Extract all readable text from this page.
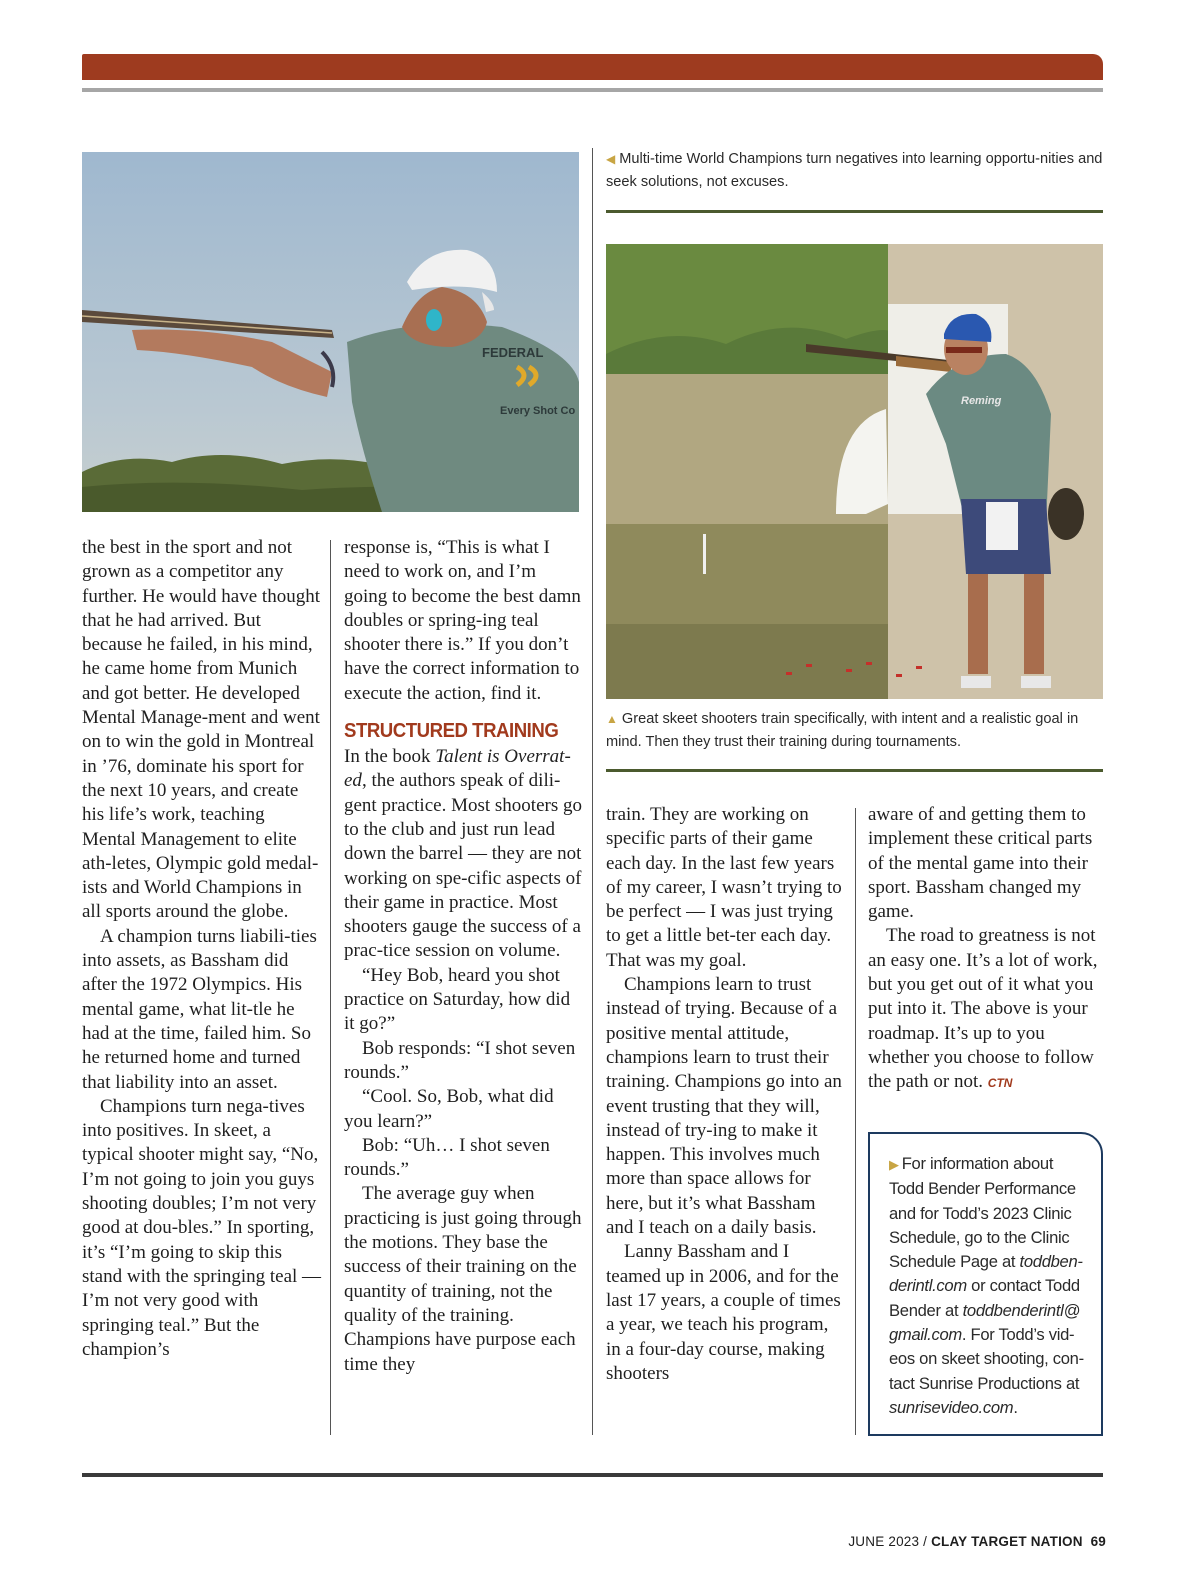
FEDERAL
Every Shot Co
◀ Multi-time World Champions turn negatives into learning opportu-nities and seek solutions, not excuses.
Reming
▲ Great skeet shooters train specifically, with intent and a realistic goal in mind. Then they trust their training during tournaments.

the best in the sport and not grown as a competitor any further. He would have thought that he had arrived. But because he failed, in his mind, he came home from Munich and got better. He developed Mental Manage-ment and went on to win the gold in Montreal in ’76, dominate his sport for the next 10 years, and create his life’s work, teaching Mental Management to elite ath-letes, Olympic gold medal-ists and World Champions in all sports around the globe.

A champion turns liabili-ties into assets, as Bassham did after the 1972 Olympics. His mental game, what lit-tle he had at the time, failed him. So he returned home and turned that liability into an asset.

Champions turn nega-tives into positives. In skeet, a typical shooter might say, “No, I’m not going to join you guys shooting doubles; I’m not very good at dou-bles.” In sporting, it’s “I’m going to skip this stand with the springing teal — I’m not very good with springing teal.” But the champion’s

response is, “This is what I need to work on, and I’m going to become the best damn doubles or spring-ing teal shooter there is.” If you don’t have the correct information to execute the action, find it.

STRUCTURED TRAINING

In the book Talent is Overrat-ed, the authors speak of dili-gent practice. Most shooters go to the club and just run lead down the barrel — they are not working on spe-cific aspects of their game in practice. Most shooters gauge the success of a prac-tice session on volume.

“Hey Bob, heard you shot practice on Saturday, how did it go?”

Bob responds: “I shot seven rounds.”

“Cool. So, Bob, what did you learn?”

Bob: “Uh… I shot seven rounds.”

The average guy when practicing is just going through the motions. They base the success of their training on the quantity of training, not the quality of the training. Champions have purpose each time they

train. They are working on specific parts of their game each day. In the last few years of my career, I wasn’t trying to be perfect — I was just trying to get a little bet-ter each day. That was my goal.

Champions learn to trust instead of trying. Because of a positive mental attitude, champions learn to trust their training. Champions go into an event trusting that they will, instead of try-ing to make it happen. This involves much more than space allows for here, but it’s what Bassham and I teach on a daily basis.

Lanny Bassham and I teamed up in 2006, and for the last 17 years, a couple of times a year, we teach his program, in a four-day course, making shooters

aware of and getting them to implement these critical parts of the mental game into their sport. Bassham changed my game.

The road to greatness is not an easy one. It’s a lot of work, but you get out of it what you put into it. The above is your roadmap. It’s up to you whether you choose to follow the path or not. CTN

▶ For information about Todd Bender Performance and for Todd’s 2023 Clinic Schedule, go to the Clinic Schedule Page at toddben-derintl.com or contact Todd Bender at toddbenderintl@ gmail.com. For Todd’s vid-eos on skeet shooting, con-tact Sunrise Productions at sunrisevideo.com.
JUNE 2023 / CLAY TARGET NATION 69
